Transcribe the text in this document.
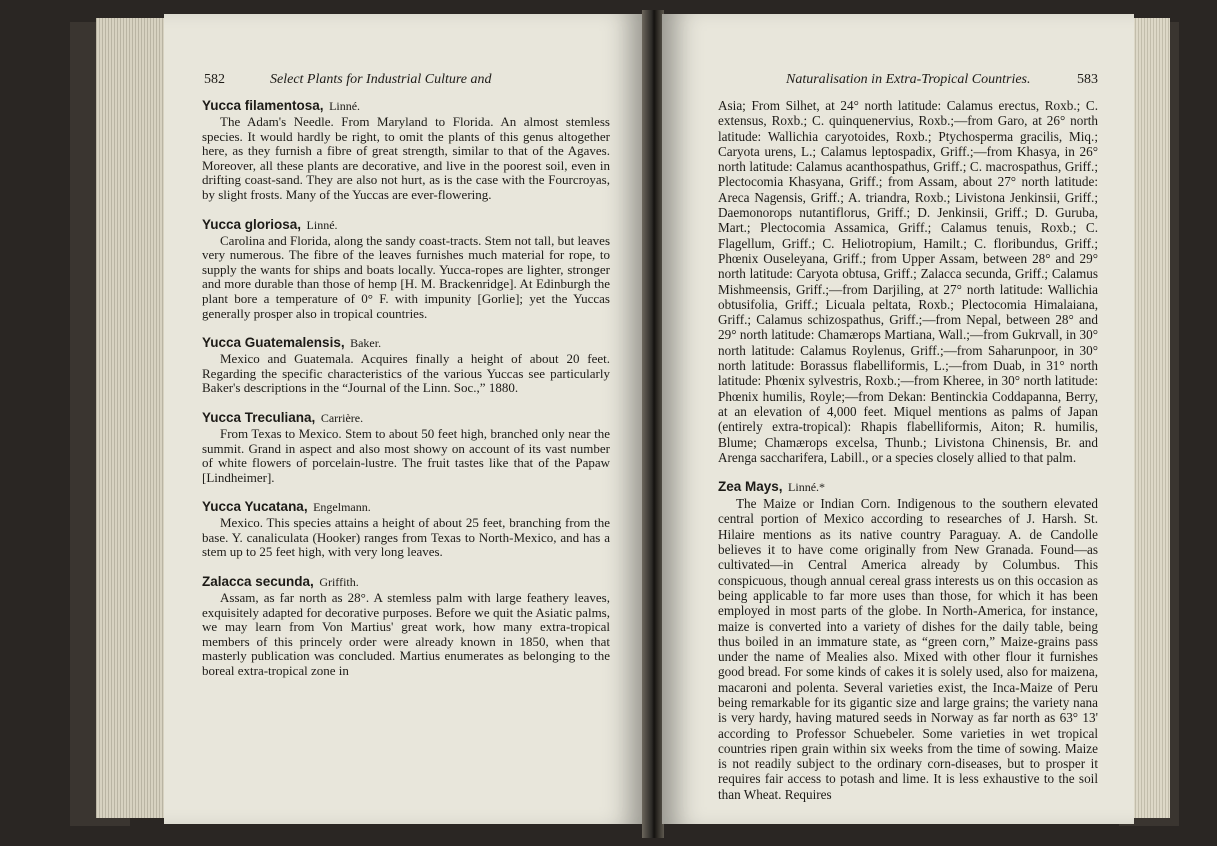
582	Select Plants for Industrial Culture and
Yucca filamentosa, Linné.

The Adam's Needle. From Maryland to Florida. An almost stemless species. It would hardly be right, to omit the plants of this genus altogether here, as they furnish a fibre of great strength, similar to that of the Agaves. Moreover, all these plants are decorative, and live in the poorest soil, even in drifting coast-sand. They are also not hurt, as is the case with the Fourcroyas, by slight frosts. Many of the Yuccas are ever-flowering.

Yucca gloriosa, Linné.

Carolina and Florida, along the sandy coast-tracts. Stem not tall, but leaves very numerous. The fibre of the leaves furnishes much material for rope, to supply the wants for ships and boats locally. Yucca-ropes are lighter, stronger and more durable than those of hemp [H. M. Brackenridge]. At Edinburgh the plant bore a temperature of 0° F. with impunity [Gorlie]; yet the Yuccas generally prosper also in tropical countries.

Yucca Guatemalensis, Baker.

Mexico and Guatemala. Acquires finally a height of about 20 feet. Regarding the specific characteristics of the various Yuccas see particularly Baker's descriptions in the “Journal of the Linn. Soc.,” 1880.

Yucca Treculiana, Carrière.

From Texas to Mexico. Stem to about 50 feet high, branched only near the summit. Grand in aspect and also most showy on account of its vast number of white flowers of porcelain-lustre. The fruit tastes like that of the Papaw [Lindheimer].

Yucca Yucatana, Engelmann.

Mexico. This species attains a height of about 25 feet, branching from the base. Y. canaliculata (Hooker) ranges from Texas to North-Mexico, and has a stem up to 25 feet high, with very long leaves.

Zalacca secunda, Griffith.

Assam, as far north as 28°. A stemless palm with large feathery leaves, exquisitely adapted for decorative purposes. Before we quit the Asiatic palms, we may learn from Von Martius' great work, how many extra-tropical members of this princely order were already known in 1850, when that masterly publication was concluded. Martius enumerates as belonging to the boreal extra-tropical zone in

Naturalisation in Extra-Tropical Countries.	583

Asia; From Silhet, at 24° north latitude: Calamus erectus, Roxb.; C. extensus, Roxb.; C. quinquenervius, Roxb.;—from Garo, at 26° north latitude: Wallichia caryotoides, Roxb.; Ptychosperma gracilis, Miq.; Caryota urens, L.; Calamus leptospadix, Griff.;—from Khasya, in 26° north latitude: Calamus acanthospathus, Griff.; C. macrospathus, Griff.; Plectocomia Khasyana, Griff.; from Assam, about 27° north latitude: Areca Nagensis, Griff.; A. triandra, Roxb.; Livistona Jenkinsii, Griff.; Daemonorops nutantiflorus, Griff.; D. Jenkinsii, Griff.; D. Guruba, Mart.; Plectocomia Assamica, Griff.; Calamus tenuis, Roxb.; C. Flagellum, Griff.; C. Heliotropium, Hamilt.; C. floribundus, Griff.; Phœnix Ouseleyana, Griff.; from Upper Assam, between 28° and 29° north latitude: Caryota obtusa, Griff.; Zalacca secunda, Griff.; Calamus Mishmeensis, Griff.;—from Darjiling, at 27° north latitude: Wallichia obtusifolia, Griff.; Licuala peltata, Roxb.; Plectocomia Himalaiana, Griff.; Calamus schizospathus, Griff.;—from Nepal, between 28° and 29° north latitude: Chamærops Martiana, Wall.;—from Gukrvall, in 30° north latitude: Calamus Roylenus, Griff.;—from Saharunpoor, in 30° north latitude: Borassus flabelliformis, L.;—from Duab, in 31° north latitude: Phœnix sylvestris, Roxb.;—from Kheree, in 30° north latitude: Phœnix humilis, Royle;—from Dekan: Bentinckia Coddapanna, Berry, at an elevation of 4,000 feet. Miquel mentions as palms of Japan (entirely extra-tropical): Rhapis flabelliformis, Aiton; R. humilis, Blume; Chamærops excelsa, Thunb.; Livistona Chinensis, Br. and Arenga saccharifera, Labill., or a species closely allied to that palm.

Zea Mays, Linné.*

The Maize or Indian Corn. Indigenous to the southern elevated central portion of Mexico according to researches of J. Harsh. St. Hilaire mentions as its native country Paraguay. A. de Candolle believes it to have come originally from New Granada. Found—as cultivated—in Central America already by Columbus. This conspicuous, though annual cereal grass interests us on this occasion as being applicable to far more uses than those, for which it has been employed in most parts of the globe. In North-America, for instance, maize is converted into a variety of dishes for the daily table, being thus boiled in an immature state, as “green corn,” Maize-grains pass under the name of Mealies also. Mixed with other flour it furnishes good bread. For some kinds of cakes it is solely used, also for maizena, macaroni and polenta. Several varieties exist, the Inca-Maize of Peru being remarkable for its gigantic size and large grains; the variety nana is very hardy, having matured seeds in Norway as far north as 63° 13' according to Professor Schuebeler. Some varieties in wet tropical countries ripen grain within six weeks from the time of sowing. Maize is not readily subject to the ordinary corn-diseases, but to prosper it requires fair access to potash and lime. It is less exhaustive to the soil than Wheat. Requires
